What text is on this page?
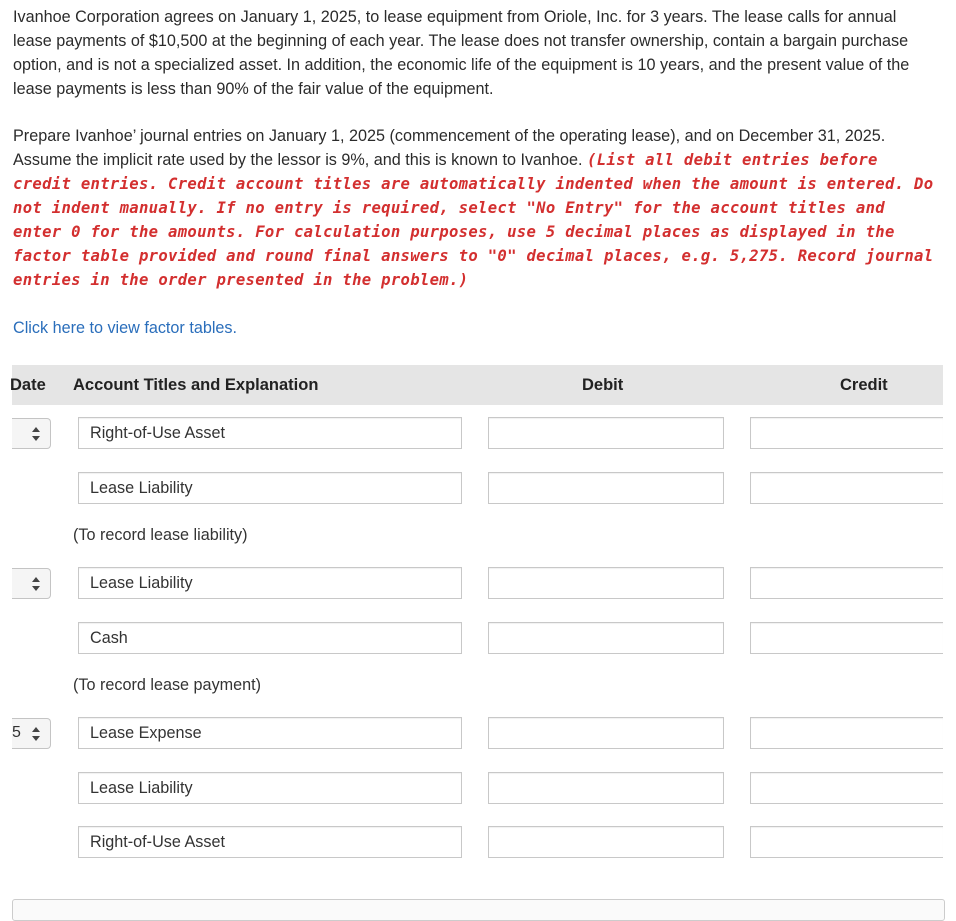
Ivanhoe Corporation agrees on January 1, 2025, to lease equipment from Oriole, Inc. for 3 years. The lease calls for annual lease payments of $10,500 at the beginning of each year. The lease does not transfer ownership, contain a bargain purchase option, and is not a specialized asset. In addition, the economic life of the equipment is 10 years, and the present value of the lease payments is less than 90% of the fair value of the equipment.
Prepare Ivanhoe’ journal entries on January 1, 2025 (commencement of the operating lease), and on December 31, 2025. Assume the implicit rate used by the lessor is 9%, and this is known to Ivanhoe. (List all debit entries before credit entries. Credit account titles are automatically indented when the amount is entered. Do not indent manually. If no entry is required, select "No Entry" for the account titles and enter 0 for the amounts. For calculation purposes, use 5 decimal places as displayed in the factor table provided and round final answers to "0" decimal places, e.g. 5,275. Record journal entries in the order presented in the problem.)
Click here to view factor tables.
Date Account Titles and Explanation	Debit	Credit
Right-of-Use Asset
Lease Liability
(To record lease liability)
Lease Liability
Cash
(To record lease payment)
5	Lease Expense
Lease Liability
Right-of-Use Asset
